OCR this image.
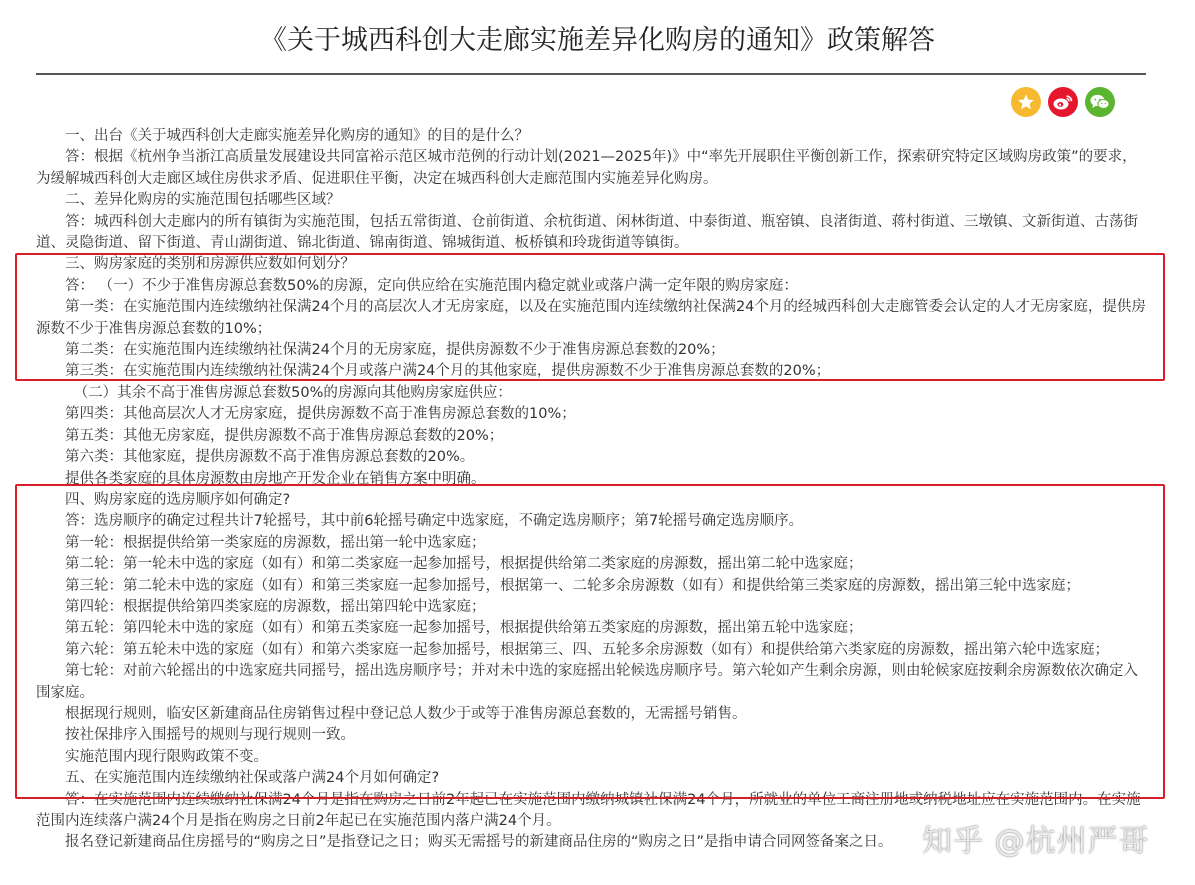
《关于城西科创大走廊实施差异化购房的通知》政策解答

一、出台《关于城西科创大走廊实施差异化购房的通知》的目的是什么？

答：根据《杭州争当浙江高质量发展建设共同富裕示范区城市范例的行动计划(2021—2025年)》中“率先开展职住平衡创新工作，探索研究特定区域购房政策”的要求，为缓解城西科创大走廊区域住房供求矛盾、促进职住平衡，决定在城西科创大走廊范围内实施差异化购房。

二、差异化购房的实施范围包括哪些区域？

答：城西科创大走廊内的所有镇街为实施范围，包括五常街道、仓前街道、余杭街道、闲林街道、中泰街道、瓶窑镇、良渚街道、蒋村街道、三墩镇、文新街道、古荡街道、灵隐街道、留下街道、青山湖街道、锦北街道、锦南街道、锦城街道、板桥镇和玲珑街道等镇街。

三、购房家庭的类别和房源供应数如何划分？

答： （一）不少于准售房源总套数50%的房源，定向供应给在实施范围内稳定就业或落户满一定年限的购房家庭：

第一类：在实施范围内连续缴纳社保满24个月的高层次人才无房家庭，以及在实施范围内连续缴纳社保满24个月的经城西科创大走廊管委会认定的人才无房家庭，提供房源数不少于准售房源总套数的10%；

第二类：在实施范围内连续缴纳社保满24个月的无房家庭，提供房源数不少于准售房源总套数的20%；

第三类：在实施范围内连续缴纳社保满24个月或落户满24个月的其他家庭，提供房源数不少于准售房源总套数的20%；

（二）其余不高于准售房源总套数50%的房源向其他购房家庭供应：

第四类：其他高层次人才无房家庭，提供房源数不高于准售房源总套数的10%；

第五类：其他无房家庭，提供房源数不高于准售房源总套数的20%；

第六类：其他家庭，提供房源数不高于准售房源总套数的20%。

提供各类家庭的具体房源数由房地产开发企业在销售方案中明确。

四、购房家庭的选房顺序如何确定?

答：选房顺序的确定过程共计7轮摇号，其中前6轮摇号确定中选家庭，不确定选房顺序；第7轮摇号确定选房顺序。

第一轮：根据提供给第一类家庭的房源数，摇出第一轮中选家庭；

第二轮：第一轮未中选的家庭（如有）和第二类家庭一起参加摇号，根据提供给第二类家庭的房源数，摇出第二轮中选家庭；

第三轮：第二轮未中选的家庭（如有）和第三类家庭一起参加摇号，根据第一、二轮多余房源数（如有）和提供给第三类家庭的房源数，摇出第三轮中选家庭；

第四轮：根据提供给第四类家庭的房源数，摇出第四轮中选家庭；

第五轮：第四轮未中选的家庭（如有）和第五类家庭一起参加摇号，根据提供给第五类家庭的房源数，摇出第五轮中选家庭；

第六轮：第五轮未中选的家庭（如有）和第六类家庭一起参加摇号，根据第三、四、五轮多余房源数（如有）和提供给第六类家庭的房源数，摇出第六轮中选家庭；

第七轮：对前六轮摇出的中选家庭共同摇号，摇出选房顺序号；并对未中选的家庭摇出轮候选房顺序号。第六轮如产生剩余房源，则由轮候家庭按剩余房源数依次确定入围家庭。

根据现行规则，临安区新建商品住房销售过程中登记总人数少于或等于准售房源总套数的，无需摇号销售。

按社保排序入围摇号的规则与现行规则一致。

实施范围内现行限购政策不变。

五、在实施范围内连续缴纳社保或落户满24个月如何确定?

答：在实施范围内连续缴纳社保满24个月是指在购房之日前2年起已在实施范围内缴纳城镇社保满24个月，所就业的单位工商注册地或纳税地址应在实施范围内。在实施范围内连续落户满24个月是指在购房之日前2年起已在实施范围内落户满24个月。

报名登记新建商品住房摇号的“购房之日”是指登记之日；购买无需摇号的新建商品住房的“购房之日”是指申请合同网签备案之日。 知乎 @杭州严哥
